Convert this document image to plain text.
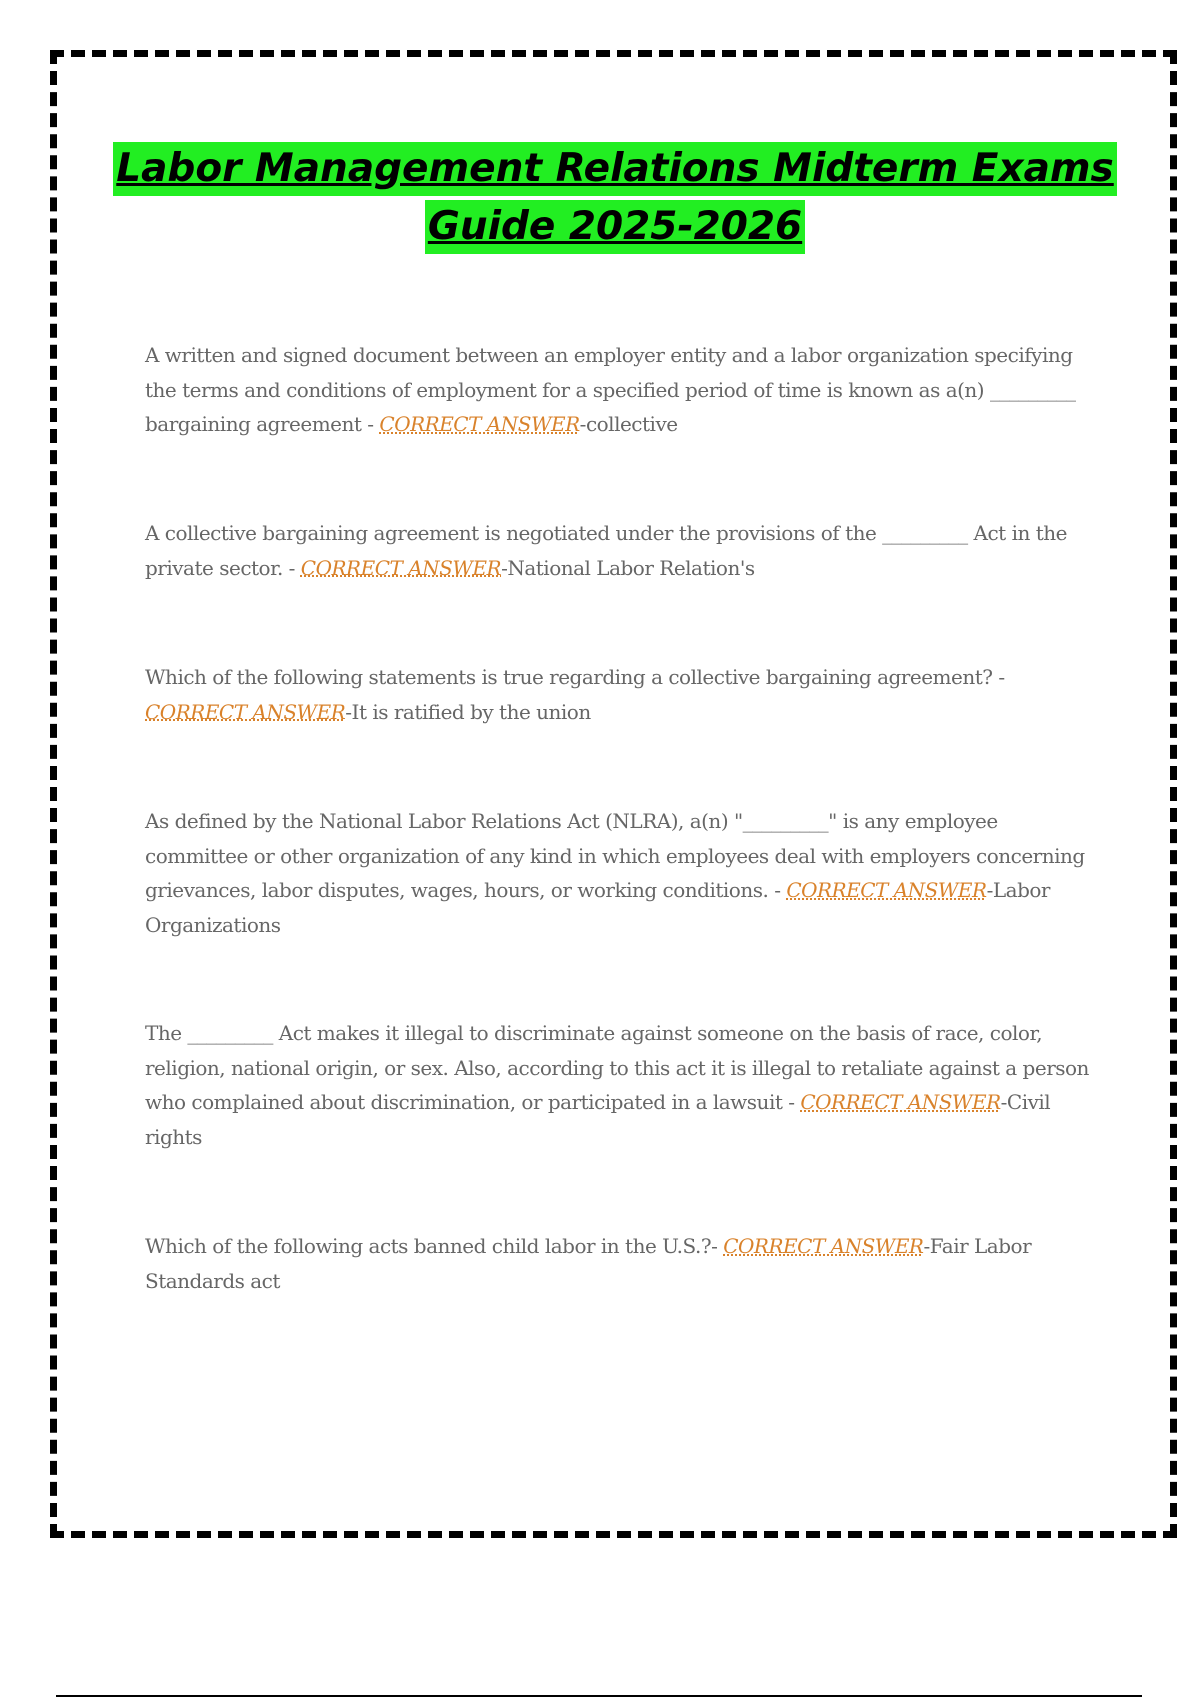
Labor Management Relations Midterm Exams
Guide 2025-2026
A written and signed document between an employer entity and a labor organization specifying the terms and conditions of employment for a specified period of time is known as a(n) _________ bargaining agreement - CORRECT ANSWER-collective
A collective bargaining agreement is negotiated under the provisions of the _________ Act in the private sector. - CORRECT ANSWER-National Labor Relation's
Which of the following statements is true regarding a collective bargaining agreement? - CORRECT ANSWER-It is ratified by the union
As defined by the National Labor Relations Act (NLRA), a(n) "_________" is any employee committee or other organization of any kind in which employees deal with employers concerning grievances, labor disputes, wages, hours, or working conditions. - CORRECT ANSWER-Labor Organizations
The _________ Act makes it illegal to discriminate against someone on the basis of race, color, religion, national origin, or sex. Also, according to this act it is illegal to retaliate against a person who complained about discrimination, or participated in a lawsuit - CORRECT ANSWER-Civil rights
Which of the following acts banned child labor in the U.S.?- CORRECT ANSWER-Fair Labor Standards act
